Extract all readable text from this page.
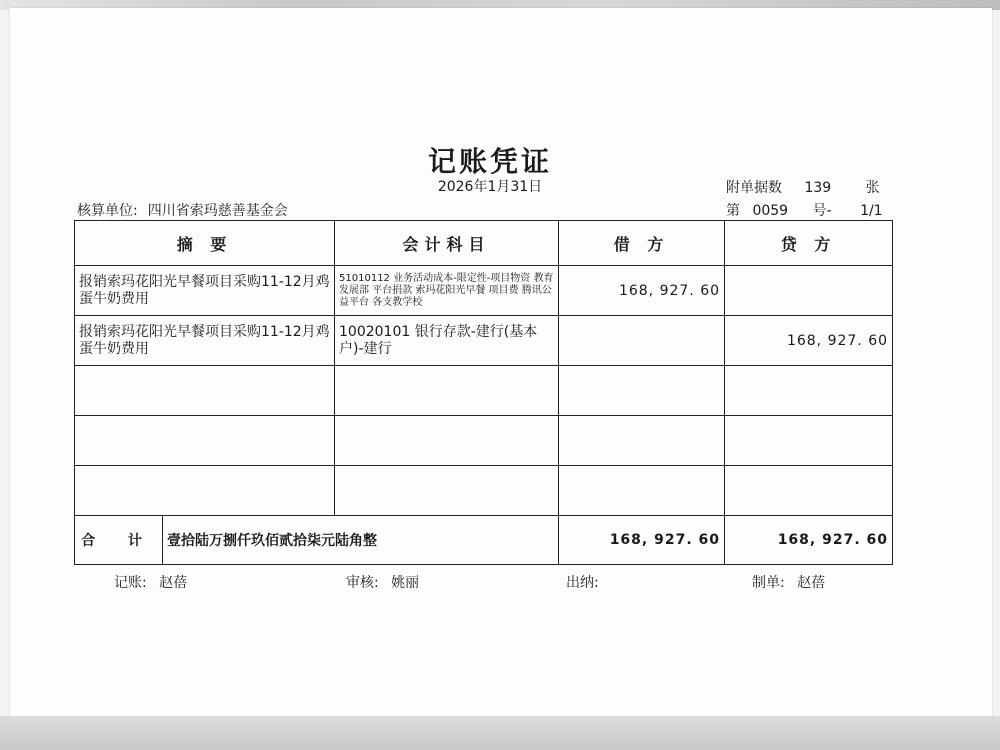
记账凭证
2026年1月31日
核算单位: 四川省索玛慈善基金会
附单据数 139 张
第 0059 号- 1/1
摘 要		会计科目	借 方	贷 方
报销索玛花阳光早餐项目采购11-12月鸡蛋牛奶费用		51010112 业务活动成本-限定性-项目物资 教育发展部 平台捐款 索玛花阳光早餐 项目费 腾讯公益平台 各支教学校	168, 927. 60	
报销索玛花阳光早餐项目采购11-12月鸡蛋牛奶费用		10020101 银行存款-建行(基本户)-建行		168, 927. 60

合 计	壹拾陆万捌仟玖佰贰拾柒元陆角整		168, 927. 60	168, 927. 60
记账: 赵蓓	审核: 姚丽	出纳:	制单: 赵蓓
